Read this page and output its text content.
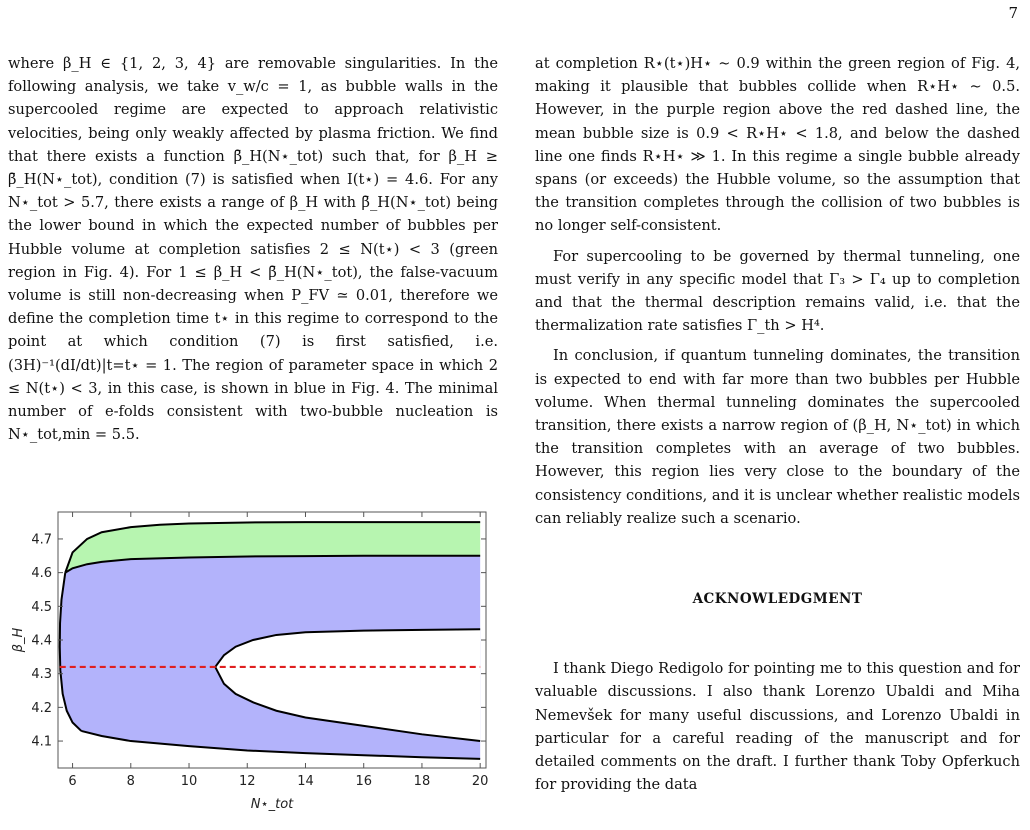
7

where β_H ∈ {1, 2, 3, 4} are removable singularities. In the following analysis, we take v_w/c = 1, as bubble walls in the supercooled regime are expected to approach relativistic velocities, being only weakly affected by plasma friction. We find that there exists a function β̄_H(N⋆_tot) such that, for β_H ≥ β̄_H(N⋆_tot), condition (7) is satisfied when I(t⋆) = 4.6. For any N⋆_tot > 5.7, there exists a range of β_H with β̄_H(N⋆_tot) being the lower bound in which the expected number of bubbles per Hubble volume at completion satisfies 2 ≤ N(t⋆) < 3 (green region in Fig. 4). For 1 ≤ β_H < β̄_H(N⋆_tot), the false-vacuum volume is still non-decreasing when P_FV ≃ 0.01, therefore we define the completion time t⋆ in this regime to correspond to the point at which condition (7) is first satisfied, i.e. (3H)⁻¹(dI/dt)|t=t⋆ = 1. The region of parameter space in which 2 ≤ N(t⋆) < 3, in this case, is shown in blue in Fig. 4. The minimal number of e-folds consistent with two-bubble nucleation is N⋆_tot,min = 5.5.

6	8	10	12	14	16	18	20
4.1
4.2
4.3
4.4
4.5
4.6
4.7
N⋆_tot
β_H

at completion R⋆(t⋆)H⋆ ∼ 0.9 within the green region of Fig. 4, making it plausible that bubbles collide when R⋆H⋆ ∼ 0.5. However, in the purple region above the red dashed line, the mean bubble size is 0.9 < R⋆H⋆ < 1.8, and below the dashed line one finds R⋆H⋆ ≫ 1. In this regime a single bubble already spans (or exceeds) the Hubble volume, so the assumption that the transition completes through the collision of two bubbles is no longer self-consistent.

For supercooling to be governed by thermal tunneling, one must verify in any specific model that Γ₃ > Γ₄ up to completion and that the thermal description remains valid, i.e. that the thermalization rate satisfies Γ_th > H⁴.

In conclusion, if quantum tunneling dominates, the transition is expected to end with far more than two bubbles per Hubble volume. When thermal tunneling dominates the supercooled transition, there exists a narrow region of (β_H, N⋆_tot) in which the transition completes with an average of two bubbles. However, this region lies very close to the boundary of the consistency conditions, and it is unclear whether realistic models can reliably realize such a scenario.

ACKNOWLEDGMENT

I thank Diego Redigolo for pointing me to this question and for valuable discussions. I also thank Lorenzo Ubaldi and Miha Nemevšek for many useful discussions, and Lorenzo Ubaldi in particular for a careful reading of the manuscript and for detailed comments on the draft. I further thank Toby Opferkuch for providing the data
